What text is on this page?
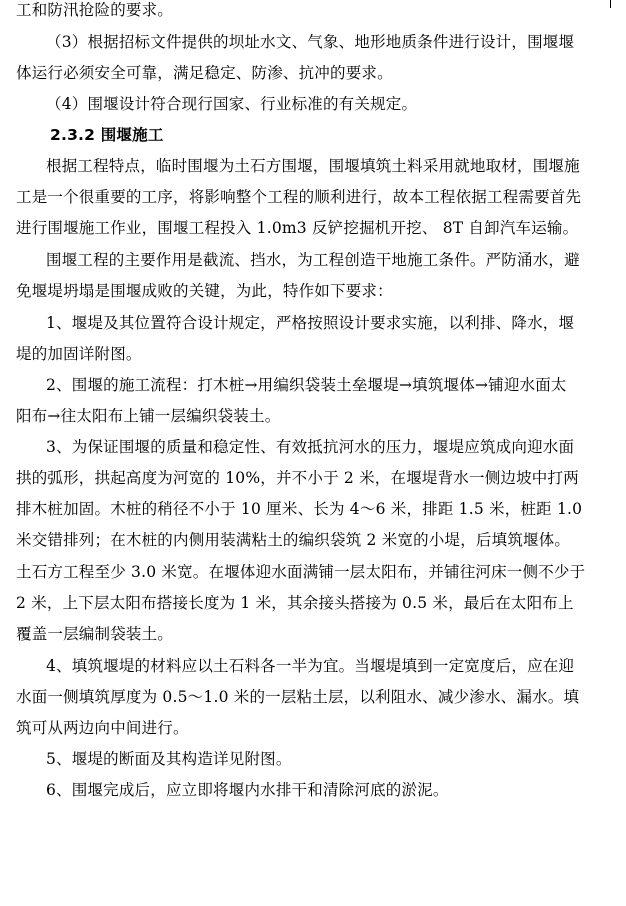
工和防汛抢险的要求。
（3）根据招标文件提供的坝址水文、气象、地形地质条件进行设计，围堰堰
体运行必须安全可靠，满足稳定、防渗、抗冲的要求。
（4）围堰设计符合现行国家、行业标准的有关规定。
2.3.2 围堰施工
根据工程特点，临时围堰为土石方围堰，围堰填筑土料采用就地取材，围堰施
工是一个很重要的工序，将影响整个工程的顺利进行，故本工程依据工程需要首先
进行围堰施工作业，围堰工程投入 1.0m3 反铲挖掘机开挖、 8T 自卸汽车运输。
围堰工程的主要作用是截流、挡水，为工程创造干地施工条件。严防涌水，避
免堰堤坍塌是围堰成败的关键，为此，特作如下要求：
1、堰堤及其位置符合设计规定，严格按照设计要求实施，以利排、降水，堰
堤的加固详附图。
2、围堰的施工流程：打木桩→用编织袋装土垒堰堤→填筑堰体→铺迎水面太
阳布→往太阳布上铺一层编织袋装土。
3、为保证围堰的质量和稳定性、有效抵抗河水的压力，堰堤应筑成向迎水面
拱的弧形，拱起高度为河宽的 10%，并不小于 2 米，在堰堤背水一侧边坡中打两
排木桩加固。木桩的稍径不小于 10 厘米、长为 4～6 米，排距 1.5 米，桩距 1.0
米交错排列；在木桩的内侧用装满粘土的编织袋筑 2 米宽的小堤，后填筑堰体。
土石方工程至少 3.0 米宽。在堰体迎水面满铺一层太阳布，并铺往河床一侧不少于
2 米，上下层太阳布搭接长度为 1 米，其余接头搭接为 0.5 米，最后在太阳布上
覆盖一层编制袋装土。
4、填筑堰堤的材料应以土石料各一半为宜。当堰堤填到一定宽度后，应在迎
水面一侧填筑厚度为 0.5～1.0 米的一层粘土层，以利阻水、减少渗水、漏水。填
筑可从两边向中间进行。
5、堰堤的断面及其构造详见附图。
6、围堰完成后，应立即将堰内水排干和清除河底的淤泥。
